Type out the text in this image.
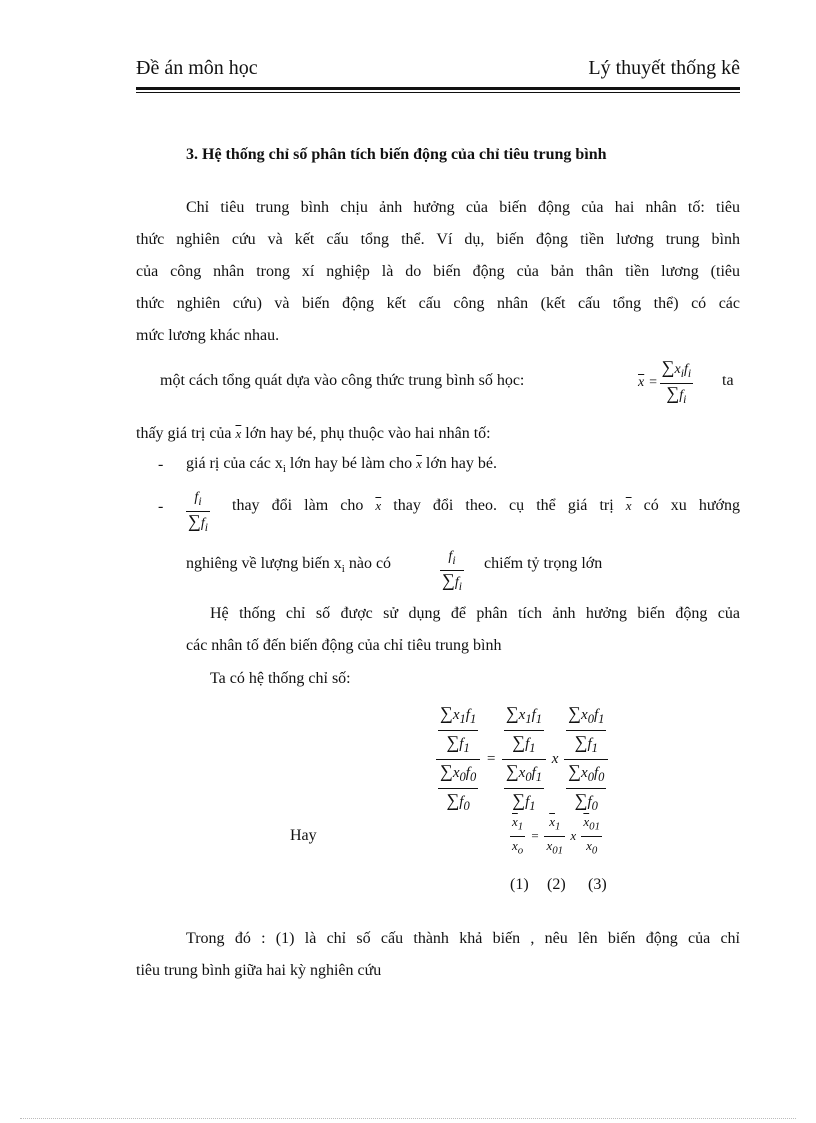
Đề án môn học	Lý thuyết thống kê
3. Hệ thống chỉ số phân tích biến động của chỉ tiêu trung bình
Chỉ tiêu trung bình chịu ảnh hưởng của biến động của hai nhân tố: tiêu
thức nghiên cứu và kết cấu tổng thể. Ví dụ, biến động tiền lương trung bình
của công nhân trong xí nghiệp là do biến động của bản thân tiền lương (tiêu
thức nghiên cứu) và biến động kết cấu công nhân (kết cấu tổng thể) có các
mức lương khác nhau.
một cách tổng quát dựa vào công thức trung bình số học:	$\overline{x} = \frac{\sum x_if_i}{\sum f_i}$ ta
thấy giá trị của $\overline{x}$ lớn hay bé, phụ thuộc vào hai nhân tố:
- giá rị của các $x_i$ lớn hay bé làm cho $\overline{x}$ lớn hay bé.
- $\frac{f_i}{\sum f_i}$ thay đổi làm cho $\overline{x}$ thay đổi theo. cụ thể giá trị $\overline{x}$ có xu hướng
nghiêng về lượng biến $x_i$ nào có	$\frac{f_i}{\sum f_i}$ chiếm tỷ trọng lớn
Hệ thống chỉ số được sử dụng để phân tích ảnh hưởng biến động của
các nhân tố đến biến động của chỉ tiêu trung bình
Ta có hệ thống chỉ số:
$\frac{\frac{\sum x_1f_1}{\sum f_1}}{\frac{\sum x_0f_0}{\sum f_0}} = \frac{\frac{\sum x_1f_1}{\sum f_1}}{\frac{\sum x_0f_1}{\sum f_1}}$ x $\frac{\frac{\sum x_0f_1}{\sum f_1}}{\frac{\sum x_0f_0}{\sum f_0}}$
Hay	$\frac{\overline{x}_1}{x_o} = \frac{\overline{x}_1}{x_{01}}$ x $\frac{\overline{x}_{01}}{x_0}$
(1) (2) (3)
Trong đó : (1) là chỉ số cấu thành khả biến , nêu lên biến động của chỉ
tiêu trung bình giữa hai kỳ nghiên cứu
